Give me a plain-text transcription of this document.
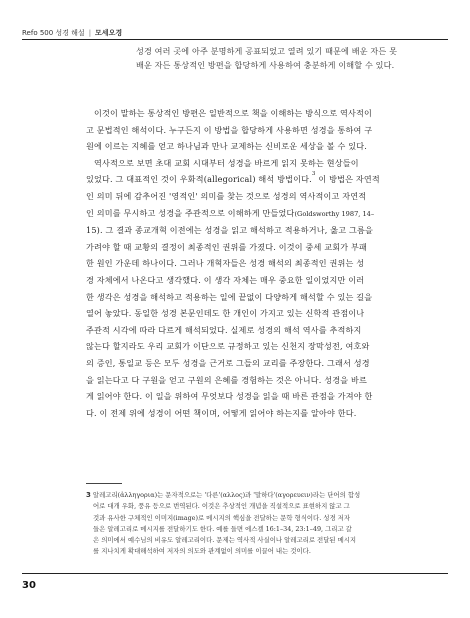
Refo 500 성경 해설 | 모세오경
성경 여러 곳에 아주 분명하게 공표되었고 열려 있기 때문에 배운 자든 못
배운 자든 통상적인 방편을 합당하게 사용하여 충분하게 이해할 수 있다.
이것이 말하는 통상적인 방편은 일반적으로 책을 이해하는 방식으로 역사적이
고 문법적인 해석이다. 누구든지 이 방법을 합당하게 사용하면 성경을 통하여 구
원에 이르는 지혜를 얻고 하나님과 만나 교제하는 신비로운 세상을 볼 수 있다.
역사적으로 보면 초대 교회 시대부터 성경을 바르게 읽지 못하는 현상들이
있었다. 그 대표적인 것이 우화적(allegorical) 해석 방법이다.$^3$ 이 방법은 자연적
인 의미 뒤에 감추어진 '영적인' 의미를 찾는 것으로 성경의 역사적이고 자연적
인 의미를 무시하고 성경을 주관적으로 이해하게 만들었다(Goldsworthy 1987, 14–
15). 그 결과 종교개혁 이전에는 성경을 읽고 해석하고 적용하거나, 옳고 그름을
가려야 할 때 교황의 결정이 최종적인 권위를 가졌다. 이것이 중세 교회가 부패
한 원인 가운데 하나이다. 그러나 개혁자들은 성경 해석의 최종적인 권위는 성
경 자체에서 나온다고 생각했다. 이 생각 자체는 매우 중요한 일이었지만 이러
한 생각은 성경을 해석하고 적용하는 일에 끝없이 다양하게 해석할 수 있는 길을
열어 놓았다. 동일한 성경 본문인데도 한 개인이 가지고 있는 신학적 관점이나
주관적 시각에 따라 다르게 해석되었다. 실제로 성경의 해석 역사를 추적하지
않는다 할지라도 우리 교회가 이단으로 규정하고 있는 신천지 장막성전, 여호와
의 증인, 통일교 등은 모두 성경을 근거로 그들의 교리를 주장한다. 그래서 성경
을 읽는다고 다 구원을 얻고 구원의 은혜를 경험하는 것은 아니다. 성경을 바르
게 읽어야 한다. 이 일을 위하여 무엇보다 성경을 읽을 때 바른 관점을 가져야 한
다. 이 전제 위에 성경이 어떤 책이며, 어떻게 읽어야 하는지를 알아야 한다.
3 알레고리(ἀλληγορια)는 문자적으로는 '다른'(αλλος)과 '말하다'(αγορευειν)라는 단어의 합성
어로 대개 우화, 풍유 등으로 번역된다. 이것은 추상적인 개념을 직설적으로 표현하지 않고 그
것과 유사한 구체적인 이미지(image)로 메시지의 핵심을 전달하는 문학 형식이다. 성경 저자
들은 알레고리로 메시지를 전달하기도 한다. 예를 들면 에스겔 16:1–34, 23:1–49, 그리고 갈
은 의미에서 예수님의 비유도 알레고리이다. 문제는 역사적 사실이나 알레고리로 전달된 메시지
를 지나치게 확대해석하여 저자의 의도와 관계없이 의미를 이끌어 내는 것이다.
30
